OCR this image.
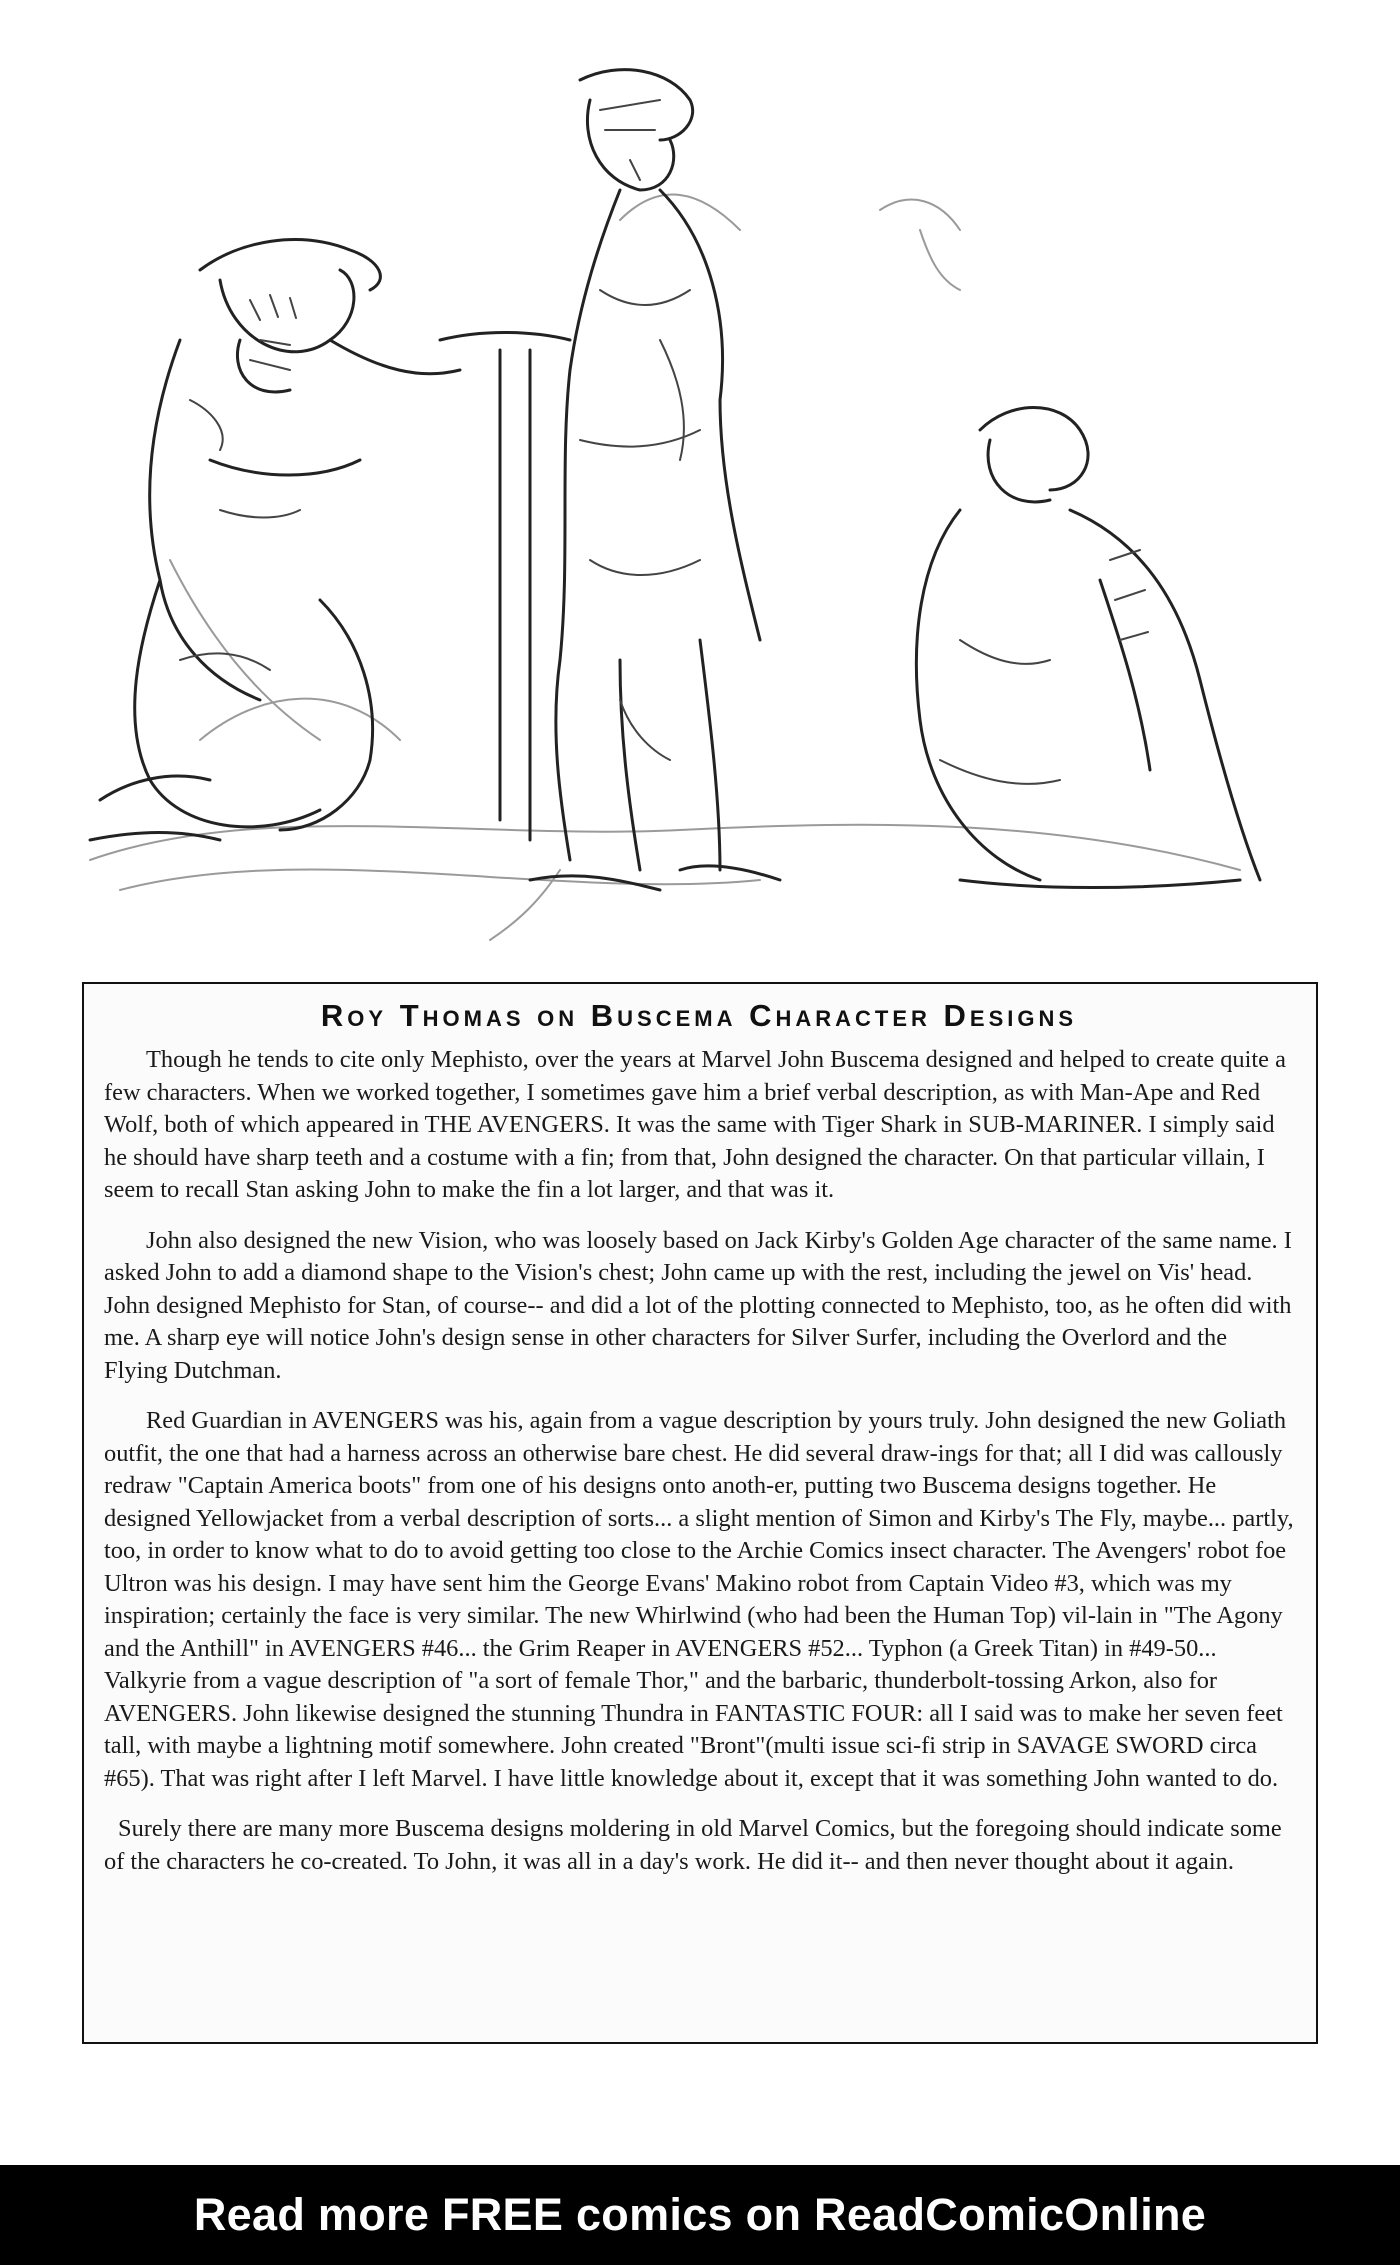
Roy Thomas on Buscema Character Designs

Though he tends to cite only Mephisto, over the years at Marvel John Buscema designed and helped to create quite a few characters. When we worked together, I sometimes gave him a brief verbal description, as with Man-Ape and Red Wolf, both of which appeared in THE AVENGERS. It was the same with Tiger Shark in SUB-MARINER. I simply said he should have sharp teeth and a costume with a fin; from that, John designed the character. On that particular villain, I seem to recall Stan asking John to make the fin a lot larger, and that was it.

John also designed the new Vision, who was loosely based on Jack Kirby's Golden Age character of the same name. I asked John to add a diamond shape to the Vision's chest; John came up with the rest, including the jewel on Vis' head. John designed Mephisto for Stan, of course-- and did a lot of the plotting connected to Mephisto, too, as he often did with me. A sharp eye will notice John's design sense in other characters for Silver Surfer, including the Overlord and the Flying Dutchman.

Red Guardian in AVENGERS was his, again from a vague description by yours truly. John designed the new Goliath outfit, the one that had a harness across an otherwise bare chest. He did several draw-ings for that; all I did was callously redraw "Captain America boots" from one of his designs onto anoth-er, putting two Buscema designs together. He designed Yellowjacket from a verbal description of sorts... a slight mention of Simon and Kirby's The Fly, maybe... partly, too, in order to know what to do to avoid getting too close to the Archie Comics insect character. The Avengers' robot foe Ultron was his design. I may have sent him the George Evans' Makino robot from Captain Video #3, which was my inspiration; certainly the face is very similar. The new Whirlwind (who had been the Human Top) vil-lain in "The Agony and the Anthill" in AVENGERS #46... the Grim Reaper in AVENGERS #52... Typhon (a Greek Titan) in #49-50... Valkyrie from a vague description of "a sort of female Thor," and the barbaric, thunderbolt-tossing Arkon, also for AVENGERS. John likewise designed the stunning Thundra in FANTASTIC FOUR: all I said was to make her seven feet tall, with maybe a lightning motif somewhere. John created "Bront"(multi issue sci-fi strip in SAVAGE SWORD circa #65). That was right after I left Marvel. I have little knowledge about it, except that it was something John wanted to do.

Surely there are many more Buscema designs moldering in old Marvel Comics, but the foregoing should indicate some of the characters he co-created. To John, it was all in a day's work. He did it-- and then never thought about it again.

Read more FREE comics on ReadComicOnline
